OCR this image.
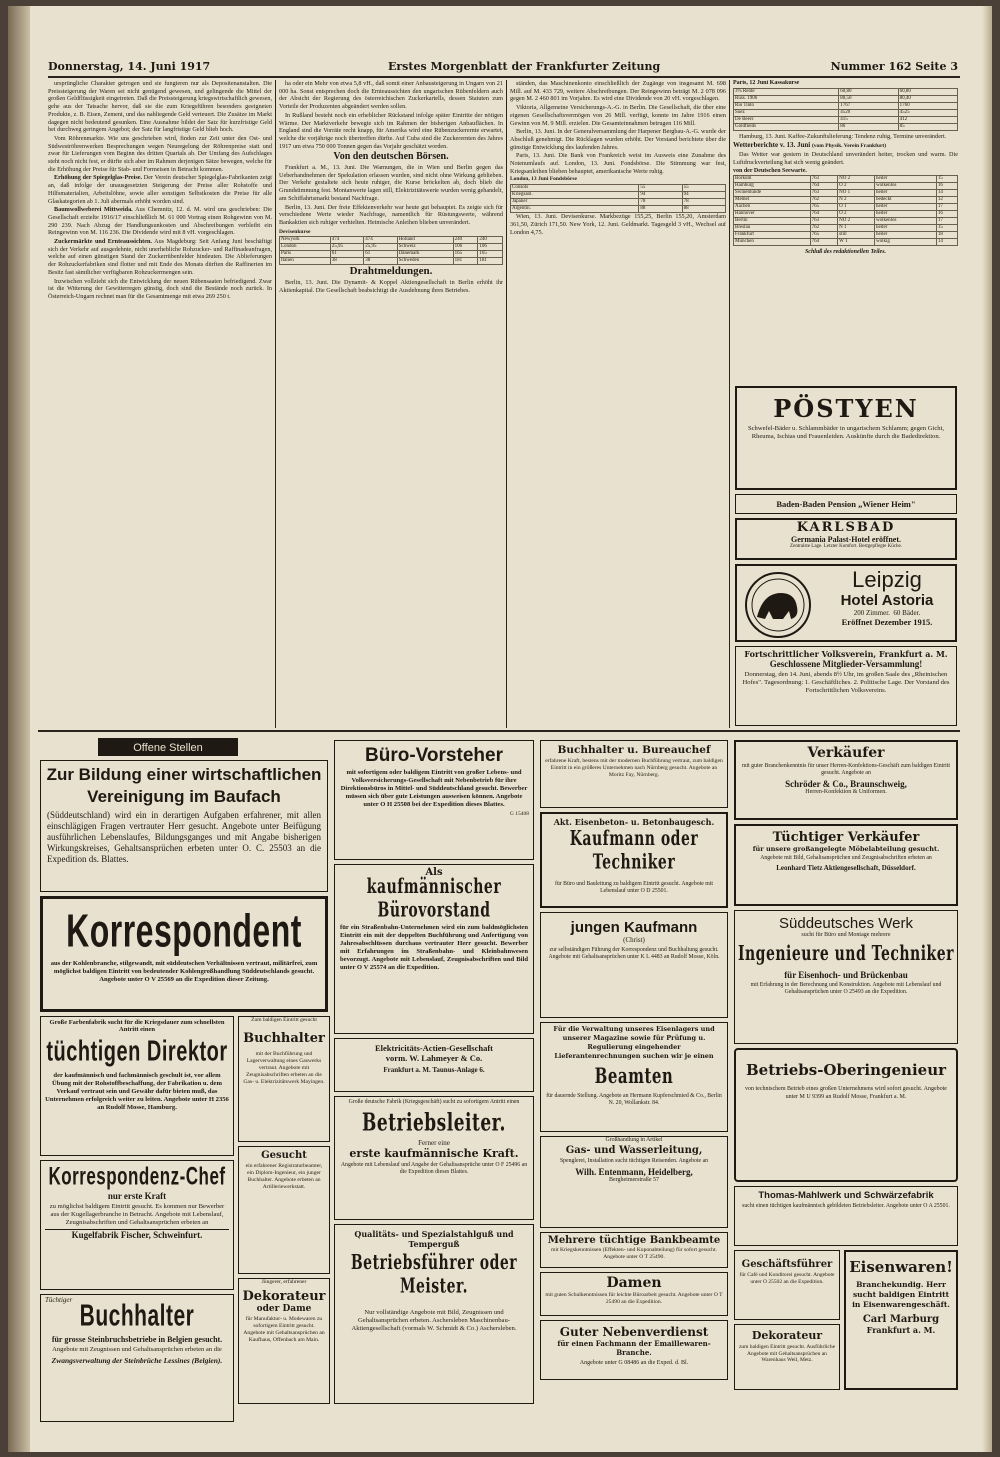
Donnerstag, 14. Juni 1917	Erstes Morgenblatt der Frankfurter Zeitung	Nummer 162 Seite 3

ursprüngliche Charakter getrogen und sie fungieren nur als Depositenanstalten. Die Preissteigerung der Waren sei nicht genügend gewesen, und gelingende die Mittel der großen Geldflüssigkeit eingetreten. Daß die Preissteigerung kriegswirtschaftlich gewesen, gehe aus der Tatsache hervor, daß sie die zum Kriegsführen besonders geeigneten Produkte, z. B. Eisen, Zement, und das nahliegende Geld verteuert. Die Zusätze im Markt dagegen nicht bedeutend gesunken. Eine Ausnahme bildet der Satz für kurzfristige Geld bei durchweg geringem Angebot; der Satz für langfristige Geld blieb hoch.

Vom Röhrenmarkte. Wie uns geschrieben wird, finden zur Zeit unter den Ost- und Südweströhrenwerken Besprechungen wegen Neuregelung der Röhrenpreise statt und zwar für Lieferungen vom Beginn des dritten Quartals ab. Der Umfang des Aufschlages steht noch nicht fest, er dürfte sich aber im Rahmen derjenigen Sätze bewegen, welche für die Erhöhung der Preise für Stab- und Formeisen in Betracht kommen.

Erhöhung der Spiegelglas-Preise. Der Verein deutscher Spiegelglas-Fabrikanten zeigt an, daß infolge der unausgesetzten Steigerung der Preise aller Rohstoffe und Hilfsmaterialien, Arbeitslöhne, sowie aller sonstigen Selbstkosten die Preise für alle Glaskategorien ab 1. Juli abermals erhöht worden sind.

Baumwollweberei Mittweida. Aus Chemnitz, 12. d. M. wird uns geschrieben: Die Gesellschaft erzielte 1916/17 einschließlich M. 61 000 Vortrag einen Rohgewinn von M. 290 239. Nach Abzug der Handlungsunkosten und Abschreibungen verbleibt ein Reingewinn von M. 116 236. Die Dividende wird mit 8 vH. vorgeschlagen.

Zuckermärkte und Ernteaussichten. Aus Magdeburg: Seit Anfang Juni beschäftigt sich der Verkehr auf ausgedehnte, nicht unerhebliche Rohzucker- und Raffinadeanfragen, welche auf einen günstigen Stand der Zuckerrübenfelder hindeuten. Die Ablieferungen der Rohzuckerfabriken sind flotter und mit Ende des Monats dürften die Raffinerien im Besitz fast sämtlicher verfügbaren Rohzuckermengen sein.

Inzwischen vollzieht sich die Entwicklung der neuen Rübensaaten befriedigend. Zwar ist die Witterung der Gewitterregen günstig, doch sind die Bestände noch zurück. In Österreich-Ungarn rechnet man für die Gesamtmenge mit etwa 269 250 t.

ha oder ein Mehr von etwa 5,8 vH., daß somit einer Anbausteigerung in Ungarn von 21 000 ha. Sonst entsprechen doch die Ernteaussichten den ungarischen Rübenfeldern auch der Absicht der Regierung des österreichischen Zuckerkartells, dessen Statuten zum Vorteile der Produzenten abgeändert werden sollen.

In Rußland besteht noch ein erheblicher Rückstand infolge später Eintritte der nötigen Wärme. Der Marktverkehr bewegte sich im Rahmen der bisherigen Anbauflächen. In England sind die Vorräte recht knapp, für Amerika wird eine Rübenzuckerernte erwartet, welche die vorjährige noch übertreffen dürfte. Auf Cuba sind die Zuckerernten des Jahres 1917 um etwa 750 000 Tonnen gegen das Vorjahr geschätzt worden.

Von den deutschen Börsen.

Frankfurt a. M., 13. Juni. Die Warnungen, die in Wien und Berlin gegen das Ueberhandnehmen der Spekulation erlassen wurden, sind nicht ohne Wirkung geblieben. Der Verkehr gestaltete sich heute ruhiger, die Kurse bröckelten ab, doch blieb die Grundstimmung fest. Montanwerte lagen still, Elektrizitätswerte wurden wenig gehandelt, am Schiffahrtsmarkt bestand Nachfrage.

Berlin, 13. Juni. Der freie Effektenverkehr war heute gut behauptet. Es zeigte sich für verschiedene Werte wieder Nachfrage, namentlich für Rüstungswerte, während Bankaktien sich ruhiger verhielten. Heimische Anleihen blieben unverändert.

Devisenkurse
Newyork	474	474	Holland	240	240
London	25,95	25,95	Schweiz	106	106
Paris	61	61	Dänemark	165	165
Italien	38	38	Schweden	181	181
Drahtmeldungen.

Berlin, 13. Juni. Die Dynamit- & Koppel Aktiengesellschaft in Berlin erhöht ihr Aktienkapital. Die Gesellschaft beabsichtigt die Ausdehnung ihres Betriebes.

ständen, das Maschinenkonto einschließlich der Zugänge von insgesamt M. 698 Mill. auf M. 433 729, weitere Abschreibungen. Der Reingewinn beträgt M. 2 078 096 gegen M. 2 460 801 im Vorjahre. Es wird eine Dividende von 20 vH. vorgeschlagen.

Viktoria, Allgemeine Versicherungs-A.-G. in Berlin. Die Gesellschaft, die über eine eigenen Gesellschaftsvermögen von 26 Mill. verfügt, konnte im Jahre 1916 einen Gewinn von M. 9 Mill. erzielen. Die Gesamteinnahmen betrugen 116 Mill.

Berlin, 13. Juni. In der Generalversammlung der Harpener Bergbau-A.-G. wurde der Abschluß genehmigt. Die Rücklagen wurden erhöht. Der Vorstand berichtete über die günstige Entwicklung des laufenden Jahres.

Paris, 13. Juni. Die Bank von Frankreich weist im Ausweis eine Zunahme des Notenumlaufs auf. London, 13. Juni. Fondsbörse. Die Stimmung war fest, Kriegsanleihen blieben behauptet, amerikanische Werte ruhig.

London, 13 Juni Fondsbörse
Consols	55	55
Kriegsanl.	94	94
Japaner	78	78
Argentin.	88	88

Wien, 13. Juni. Devisenkurse. Markbezüge 155,25, Berlin 155,20, Amsterdam 361,50, Zürich 171,50. New York, 12. Juni. Geldmarkt. Tagesgeld 3 vH., Wechsel auf London 4,75.

Paris, 12 Juni Kassakurse
3% Rente	60,80	60,80
Russ. 1906	80,50	80,40
Rio Tinto	1767	1760
Suez	4520	4525
De Beers	415	412
Goldfields	86	85

Hamburg, 13. Juni. Kaffee-Zukunftslieferung: Tendenz ruhig, Termine unverändert.

Wetterberichte v. 13. Juni (vom Physik. Verein Frankfurt)

Das Wetter war gestern in Deutschland unverändert heiter, trocken und warm. Die Luftdruckverteilung hat sich wenig geändert.

von der Deutschen Seewarte.
Borkum	763	NO 2	heiter	15
Hamburg	764	O 2	wolkenlos	16
Swinemünde	763	NO 1	heiter	14
Memel	762	N 2	bedeckt	12
Aachen	765	O 1	heiter	17
Hannover	764	O 2	heiter	16
Berlin	763	NO 2	wolkenlos	17
Breslau	762	N 1	heiter	15
Frankfurt	765	still	heiter	18
München	764	W 1	wolkig	14
Schluß des redaktionellen Teiles.
PÖSTYEN
Schwefel-Bäder u. Schlammbäder in ungarischem Schlamm; gegen Gicht, Rheuma, Ischias und Frauenleiden. Auskünfte durch die Badedirektion.
Baden-Baden Pension „Wiener Heim"
KARLSBAD
Germania Palast-Hotel eröffnet.
Zentralste Lage. Letzter Komfort. Bestgepflegte Küche.
Leipzig
Hotel Astoria
200 Zimmer. 60 Bäder.
Eröffnet Dezember 1915.
Fortschrittlicher Volksverein, Frankfurt a. M.
Geschlossene Mitglieder-Versammlung!
Donnerstag, den 14. Juni, abends 8½ Uhr, im großen Saale des „Rheinischen Hofes". Tagesordnung: 1. Geschäftliches. 2. Politische Lage. Der Vorstand des Fortschrittlichen Volksvereins.
Offene Stellen
Zur Bildung einer wirtschaftlichen
Vereinigung im Baufach
(Süddeutschland) wird ein in derartigen Aufgaben erfahrener, mit allen einschlägigen Fragen vertrauter Herr gesucht. Angebote unter Beifügung ausführlichen Lebenslaufes, Bildungsganges und mit Angabe bisherigen Wirkungskreises, Gehaltsansprüchen erbeten unter O. C. 25503 an die Expedition ds. Blattes.
Korrespondent
aus der Kohlenbranche, stilgewandt, mit süddeutschen Verhältnissen vertraut, militärfrei, zum möglichst baldigen Eintritt von bedeutender Kohlengroßhandlung Süddeutschlands gesucht. Angebote unter O V 25569 an die Expedition dieser Zeitung.
Große Farbenfabrik sucht für die Kriegsdauer zum schnellsten Antritt einen
tüchtigen Direktor
der kaufmännisch und fachmännisch geschult ist, vor allem Übung mit der Rohstoffbeschaffung, der Fabrikation u. dem Verkauf vertraut sein und Gewähr dafür bieten muß, das Unternehmen erfolgreich weiter zu leiten. Angebote unter H 2356 an Rudolf Mosse, Hamburg.
Korrespondenz-Chef
nur erste Kraft
zu möglichst baldigem Eintritt gesucht. Es kommen nur Bewerber aus der Kugellagerbranche in Betracht. Angebote mit Lebenslauf, Zeugnisabschriften und Gehaltsansprüchen erbeten an
Kugelfabrik Fischer, Schweinfurt.
Tüchtiger Buchhalter
für grosse Steinbruchsbetriebe in Belgien gesucht.
Angebote mit Zeugnissen und Gehaltsansprüchen erbeten an die
Zwangsverwaltung der Steinbrüche Lessines (Belgien).
Zum baldigen Eintritt gesucht
Buchhalter
mit der Buchführung und Lagerverwaltung eines Gaswerks vertraut. Angebote mit Zeugnisabschriften erbeten an die Gas- u. Elektrizitätswerk Mayingen.
Gesucht
ein erfahrener Registraturbeamter, ein Diplom-Ingenieur, ein junger Buchhalter. Angebote erbeten an Artilleriewerkstatt.
Jüngerer, erfahrener
Dekorateur
oder Dame
für Manufaktur- u. Modewaren zu sofortigem Eintritt gesucht. Angebote mit Gehaltsansprüchen an Kaufhaus, Offenbach am Main.
Büro-Vorsteher
mit sofortigem oder baldigem Eintritt von großer Lebens- und Volksversicherungs-Gesellschaft mit Nebenbetrieb für ihre Direktionsbüros in Mittel- und Süddeutschland gesucht. Bewerber müssen sich über gute Leistungen ausweisen können. Angebote unter O H 25508 bei der Expedition dieses Blattes.
G 15408
Als
kaufmännischer Bürovorstand
für ein Straßenbahn-Unternehmen wird ein zum baldmöglichsten Eintritt ein mit der doppelten Buchführung und Anfertigung von Jahresabschlüssen durchaus vertrauter Herr gesucht. Bewerber mit Erfahrungen im Straßenbahn- und Kleinbahnwesen bevorzugt. Angebote mit Lebenslauf, Zeugnisabschriften und Bild unter O V 25574 an die Expedition.
Elektricitäts-Actien-Gesellschaft
vorm. W. Lahmeyer & Co.
Frankfurt a. M. Taunus-Anlage 6.
Große deutsche Fabrik (Kriegsgeschäft) sucht zu sofortigem Antritt einen
Betriebsleiter.
Ferner eine
erste kaufmännische Kraft.
Angebote mit Lebenslauf und Angabe der Gehaltsansprüche unter O F 25496 an die Expedition dieses Blattes.
Qualitäts- und Spezialstahlguß und Temperguß
Betriebsführer oder Meister.
Nur vollständige Angebote mit Bild, Zeugnissen und Gehaltsansprüchen erbeten. Aschersleben Maschinenbau-Aktiengesellschaft (vormals W. Schmidt & Co.) Aschersleben.
Buchhalter u. Bureauchef
erfahrene Kraft, bestens mit der modernen Buchführung vertraut, zum baldigen Eintritt in ein größeres Unternehmen nach Nürnberg gesucht. Angebote an Moritz Fay, Nürnberg.
Akt. Eisenbeton- u. Betonbaugesch.
Kaufmann oder Techniker
für Büro und Bauleitung zu baldigem Eintritt gesucht. Angebote mit Lebenslauf unter O D 25501.
jungen Kaufmann
(Christ)
zur selbständigen Führung der Korrespondenz und Buchhaltung gesucht. Angebote mit Gehaltsansprüchen unter K L 4483 an Rudolf Mosse, Köln.
Für die Verwaltung unseres Eisenlagers und unserer Magazine sowie für Prüfung u. Regulierung eingehender Lieferantenrechnungen suchen wir je einen
Beamten
für dauernde Stellung. Angebote an Hermann Kupferschmied & Co., Berlin N. 20, Wollankstr. 84.
Großhandlung in Artikel
Gas- und Wasserleitung,
Spenglerei, Installation sucht tüchtigen Reisenden. Angebote an
Wilh. Entenmann, Heidelberg,
Bergheimerstraße 57
Mehrere tüchtige Bankbeamte
mit Kriegskenntnissen (Effekten- und Kuponabteilung) für sofort gesucht. Angebote unter O T 25490.
Damen
mit guten Schulkenntnissen für leichte Büroarbeit gesucht. Angebote unter O T 25490 an die Expedition.
Guter Nebenverdienst
für einen Fachmann der Emaillewaren-Branche.
Angebote unter G 08486 an die Exped. d. Bl.
Verkäufer
mit guter Branchenkenntnis für unser Herren-Konfektions-Geschäft zum baldigen Eintritt gesucht. Angebote an
Schröder & Co., Braunschweig,
Herren-Konfektion & Uniformen.
Tüchtiger Verkäufer
für unsere großangelegte Möbelabteilung gesucht.
Angebote mit Bild, Gehaltsansprüchen und Zeugnisabschriften erbeten an
Leonhard Tietz Aktiengesellschaft, Düsseldorf.
Süddeutsches Werk
sucht für Büro und Montage mehrere
Ingenieure und Techniker
für Eisenhoch- und Brückenbau
mit Erfahrung in der Berechnung und Konstruktion. Angebote mit Lebenslauf und Gehaltsansprüchen unter O 25493 an die Expedition.
Betriebs-Oberingenieur
von technischem Betrieb eines großen Unternehmens wird sofort gesucht. Angebote unter M U 9399 an Rudolf Mosse, Frankfurt a. M.
Thomas-Mahlwerk und Schwärzefabrik
sucht einen tüchtigen kaufmännisch gebildeten Betriebsleiter. Angebote unter O A 25501.
Geschäftsführer
für Café und Konditorei gesucht. Angebote unter O 25502 an die Expedition.
Dekorateur
zum baldigen Eintritt gesucht. Ausführliche Angebote mit Gehaltsansprüchen an Warenhaus Weil, Metz.
Eisenwaren!
Branchekundig. Herr sucht baldigen Eintritt in Eisenwarengeschäft.
Carl Marburg
Frankfurt a. M.
